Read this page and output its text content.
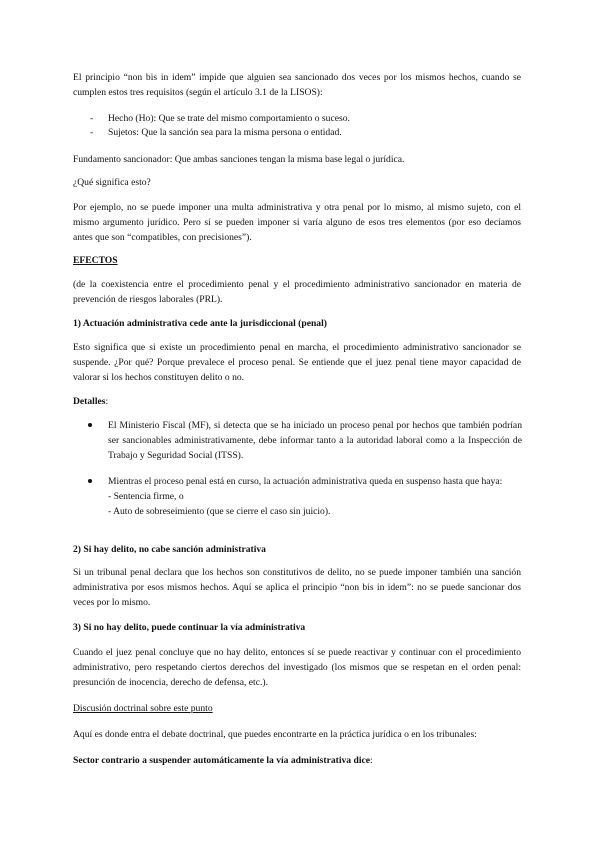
El principio “non bis in idem” impide que alguien sea sancionado dos veces por los mismos hechos, cuando se cumplen estos tres requisitos (según el artículo 3.1 de la LISOS):

- Hecho (Ho): Que se trate del mismo comportamiento o suceso.
- Sujetos: Que la sanción sea para la misma persona o entidad.

Fundamento sancionador: Que ambas sanciones tengan la misma base legal o jurídica.

¿Qué significa esto?

Por ejemplo, no se puede imponer una multa administrativa y otra penal por lo mismo, al mismo sujeto, con el mismo argumento jurídico. Pero sí se pueden imponer si varía alguno de esos tres elementos (por eso decíamos antes que son “compatibles, con precisiones”).

EFECTOS

(de la coexistencia entre el procedimiento penal y el procedimiento administrativo sancionador en materia de prevención de riesgos laborales (PRL).

1) Actuación administrativa cede ante la jurisdiccional (penal)

Esto significa que si existe un procedimiento penal en marcha, el procedimiento administrativo sancionador se suspende. ¿Por qué? Porque prevalece el proceso penal. Se entiende que el juez penal tiene mayor capacidad de valorar si los hechos constituyen delito o no.

Detalles:

El Ministerio Fiscal (MF), si detecta que se ha iniciado un proceso penal por hechos que también podrían ser sancionables administrativamente, debe informar tanto a la autoridad laboral como a la Inspección de Trabajo y Seguridad Social (ITSS).
Mientras el proceso penal está en curso, la actuación administrativa queda en suspenso hasta que haya:
- Sentencia firme, o
- Auto de sobreseimiento (que se cierre el caso sin juicio).

2) Si hay delito, no cabe sanción administrativa

Si un tribunal penal declara que los hechos son constitutivos de delito, no se puede imponer también una sanción administrativa por esos mismos hechos. Aquí se aplica el principio “non bis in idem”: no se puede sancionar dos veces por lo mismo.

3) Si no hay delito, puede continuar la vía administrativa

Cuando el juez penal concluye que no hay delito, entonces sí se puede reactivar y continuar con el procedimiento administrativo, pero respetando ciertos derechos del investigado (los mismos que se respetan en el orden penal: presunción de inocencia, derecho de defensa, etc.).

Discusión doctrinal sobre este punto

Aquí es donde entra el debate doctrinal, que puedes encontrarte en la práctica jurídica o en los tribunales:

Sector contrario a suspender automáticamente la vía administrativa dice:
